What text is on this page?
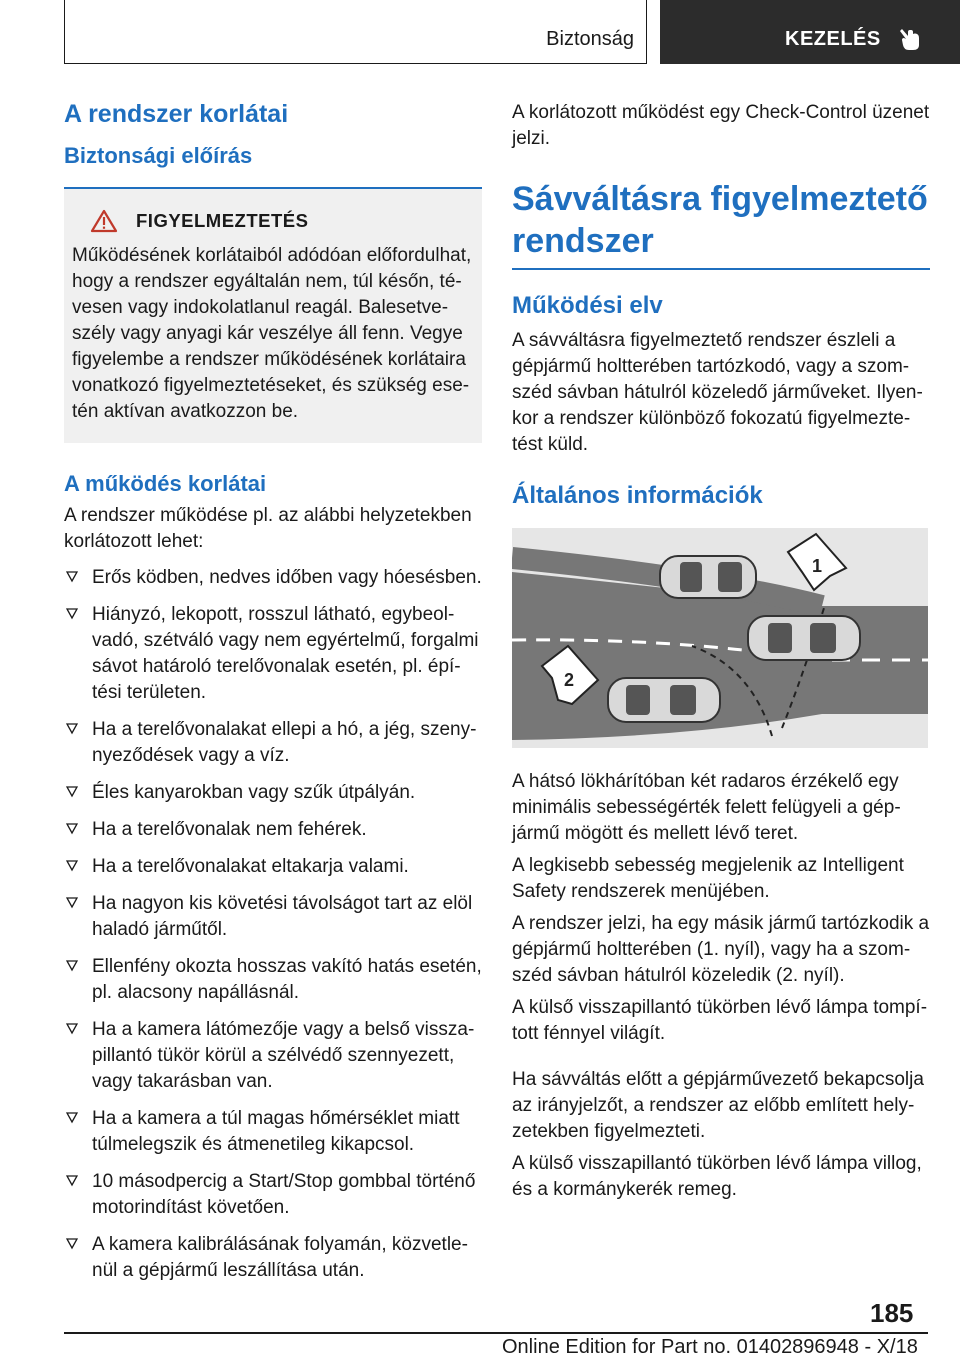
Biztonság	KEZELÉS
A rendszer korlátai
Biztonsági előírás
FIGYELMEZTETÉS

Működésének korlátaiból adódóan előfordulhat, hogy a rendszer egyáltalán nem, túl későn, tévesen vagy indokolatlanul reagál. Balesetveszély vagy anyagi kár veszélye áll fenn. Vegye figyelembe a rendszer működésének korlátaira vonatkozó figyelmeztetéseket, és szükség esetén aktívan avatkozzon be.

A működés korlátai

A rendszer működése pl. az alábbi helyzetekben korlátozott lehet:

Erős ködben, nedves időben vagy hóesésben.
Hiányzó, lekopott, rosszul látható, egybeolvadó, szétváló vagy nem egyértelmű, forgalmi sávot határoló terelővonalak esetén, pl. építési területen.
Ha a terelővonalakat ellepi a hó, a jég, szenynyeződések vagy a víz.
Éles kanyarokban vagy szűk útpályán.
Ha a terelővonalak nem fehérek.
Ha a terelővonalakat eltakarja valami.
Ha nagyon kis követési távolságot tart az elöl haladó járműtől.
Ellenfény okozta hosszas vakító hatás esetén, pl. alacsony napállásnál.
Ha a kamera látómezője vagy a belső visszapillantó tükör körül a szélvédő szennyezett, vagy takarásban van.
Ha a kamera a túl magas hőmérséklet miatt túlmelegszik és átmenetileg kikapcsol.
10 másodpercig a Start/Stop gombbal történő motorindítást követően.
A kamera kalibrálásának folyamán, közvetlenül a gépjármű leszállítása után.

A korlátozott működést egy Check-Control üzenet jelzi.

Sávváltásra figyelmeztető rendszer
Működési elv

A sávváltásra figyelmeztető rendszer észleli a gépjármű holtterében tartózkodó, vagy a szomszéd sávban hátulról közeledő járműveket. Ilyenkor a rendszer különböző fokozatú figyelmeztetést küld.

Általános információk
1
2

A hátsó lökhárítóban két radaros érzékelő egy minimális sebességérték felett felügyeli a gépjármű mögött és mellett lévő teret.

A legkisebb sebesség megjelenik az Intelligent Safety rendszerek menüjében.

A rendszer jelzi, ha egy másik jármű tartózkodik a gépjármű holtterében (1. nyíl), vagy ha a szomszéd sávban hátulról közeledik (2. nyíl).

A külső visszapillantó tükörben lévő lámpa tompított fénnyel világít.

Ha sávváltás előtt a gépjárművezető bekapcsolja az irányjelzőt, a rendszer az előbb említett helyzetekben figyelmezteti.

A külső visszapillantó tükörben lévő lámpa villog, és a kormánykerék remeg.

185
Online Edition for Part no. 01402896948 - X/18
